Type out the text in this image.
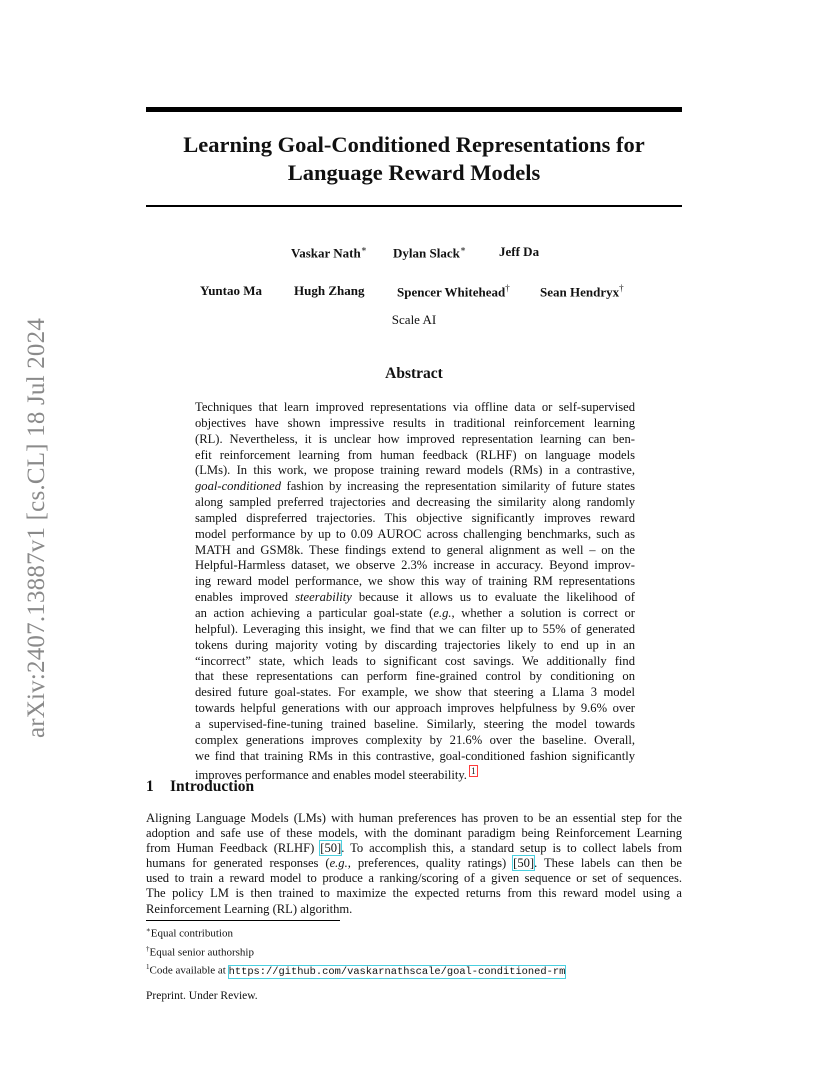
arXiv:2407.13887v1 [cs.CL] 18 Jul 2024
Learning Goal-Conditioned Representations for
Language Reward Models
Vaskar Nath∗ Dylan Slack∗	Jeff Da
Yuntao Ma Hugh Zhang	Spencer Whitehead† Sean Hendryx†
Scale AI
Abstract
Techniques that learn improved representations via offline data or self-supervised
objectives have shown impressive results in traditional reinforcement learning
(RL). Nevertheless, it is unclear how improved representation learning can ben-
efit reinforcement learning from human feedback (RLHF) on language models
(LMs). In this work, we propose training reward models (RMs) in a contrastive,
goal-conditioned fashion by increasing the representation similarity of future states
along sampled preferred trajectories and decreasing the similarity along randomly
sampled dispreferred trajectories. This objective significantly improves reward
model performance by up to 0.09 AUROC across challenging benchmarks, such as
MATH and GSM8k. These findings extend to general alignment as well – on the
Helpful-Harmless dataset, we observe 2.3% increase in accuracy. Beyond improv-
ing reward model performance, we show this way of training RM representations
enables improved steerability because it allows us to evaluate the likelihood of
an action achieving a particular goal-state (e.g., whether a solution is correct or
helpful). Leveraging this insight, we find that we can filter up to 55% of generated
tokens during majority voting by discarding trajectories likely to end up in an
“incorrect” state, which leads to significant cost savings. We additionally find
that these representations can perform fine-grained control by conditioning on
desired future goal-states. For example, we show that steering a Llama 3 model
towards helpful generations with our approach improves helpfulness by 9.6% over
a supervised-fine-tuning trained baseline. Similarly, steering the model towards
complex generations improves complexity by 21.6% over the baseline. Overall,
we find that training RMs in this contrastive, goal-conditioned fashion significantly
improves performance and enables model steerability. $^1$
1 Introduction
Aligning Language Models (LMs) with human preferences has proven to be an essential step for the
adoption and safe use of these models, with the dominant paradigm being Reinforcement Learning
from Human Feedback (RLHF) [50]. To accomplish this, a standard setup is to collect labels from
humans for generated responses (e.g., preferences, quality ratings) [50]. These labels can then be
used to train a reward model to produce a ranking/scoring of a given sequence or set of sequences.
The policy LM is then trained to maximize the expected returns from this reward model using a
Reinforcement Learning (RL) algorithm.
∗Equal contribution
†Equal senior authorship
$^1$Code available at https://github.com/vaskarnathscale/goal-conditioned-rm
Preprint. Under Review.
